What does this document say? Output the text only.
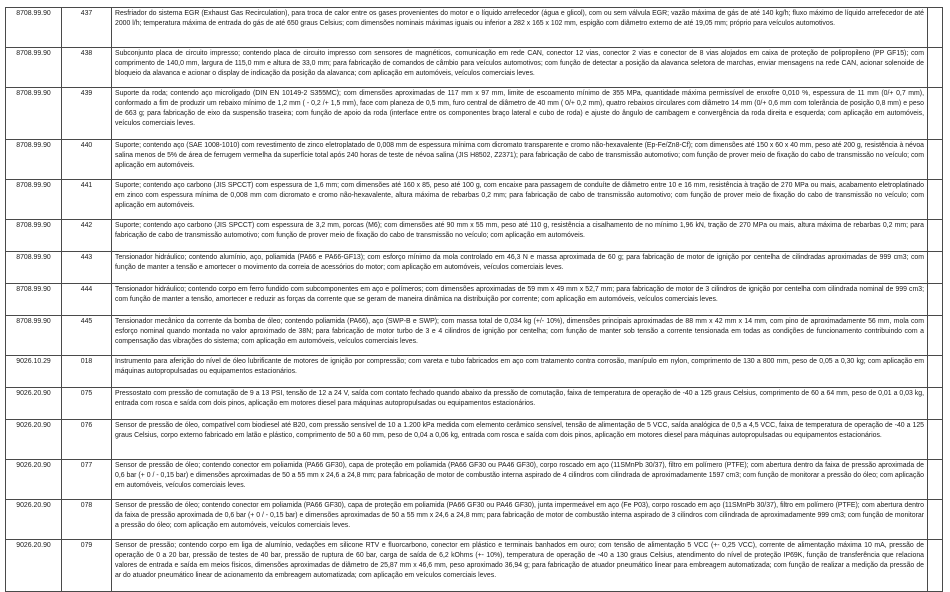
8708.99.90	437	Resfriador do sistema EGR (Exhaust Gas Recirculation), para troca de calor entre os gases provenientes do motor e o líquido arrefecedor (água e glicol), com ou sem válvula EGR; vazão máxima de gás de até 140 kg/h; fluxo máximo de líquido arrefecedor de até 2000 l/h; temperatura máxima de entrada do gás de até 650 graus Celsius; com dimensões nominais máximas iguais ou inferior a 282 x 165 x 102 mm, espigão com diâmetro externo de até 19,05 mm; próprio para veículos automotivos.	
8708.99.90	438	Subconjunto placa de circuito impresso; contendo placa de circuito impresso com sensores de magnéticos, comunicação em rede CAN, conector 12 vias, conector 2 vias e conector de 8 vias alojados em caixa de proteção de polipropileno (PP GF15); com comprimento de 140,0 mm, largura de 115,0 mm e altura de 33,0 mm; para fabricação de comandos de câmbio para veículos automotivos; com função de detectar a posição da alavanca seletora de marchas, enviar mensagens na rede CAN, acionar solenoide de bloqueio da alavanca e acionar o display de indicação da posição da alavanca; com aplicação em automóveis, veículos comerciais leves.	
8708.99.90	439	Suporte da roda; contendo aço microligado (DIN EN 10149-2 S355MC); com dimensões aproximadas de 117 mm x 97 mm, limite de escoamento mínimo de 355 MPa, quantidade máxima permissível de enxofre 0,010 %, espessura de 11 mm (0/+ 0,7 mm), conformado a fim de produzir um rebaixo mínimo de 1,2 mm ( - 0,2 /+ 1,5 mm), face com planeza de 0,5 mm, furo central de diâmetro de 40 mm ( 0/+ 0,2 mm), quatro rebaixos circulares com diâmetro 14 mm (0/+ 0,6 mm com tolerância de posição 0,8 mm) e peso de 663 g; para fabricação de eixo da suspensão traseira; com função de apoio da roda (interface entre os componentes braço lateral e cubo de roda) e ajuste do ângulo de cambagem e convergência da roda direita e esquerda; com aplicação em automóveis, veículos comerciais leves.	
8708.99.90	440	Suporte; contendo aço (SAE 1008-1010) com revestimento de zinco eletroplatado de 0,008 mm de espessura mínima com dicromato transparente e cromo não-hexavalente (Ep-Fe/Zn8-Cf); com dimensões até 150 x 60 x 40 mm, peso até 200 g, resistência à névoa salina menos de 5% de área de ferrugem vermelha da superfície total após 240 horas de teste de névoa salina (JIS H8502, Z2371); para fabricação de cabo de transmissão automotivo; com função de prover meio de fixação do cabo de transmissão no veículo; com aplicação em automóveis.	
8708.99.90	441	Suporte; contendo aço carbono (JIS SPCCT) com espessura de 1,6 mm; com dimensões até 160 x 85, peso até 100 g, com encaixe para passagem de conduíte de diâmetro entre 10 e 16 mm, resistência à tração de 270 MPa ou mais, acabamento eletroplatinado em zinco com espessura mínima de 0,008 mm com dicromato e cromo não-hexavalente, altura máxima de rebarbas 0,2 mm; para fabricação de cabo de transmissão automotivo; com função de prover meio de fixação do cabo de transmissão no veículo; com aplicação em automóveis.	
8708.99.90	442	Suporte; contendo aço carbono (JIS SPCCT) com espessura de 3,2 mm, porcas (M6); com dimensões até 90 mm x 55 mm, peso até 110 g, resistência a cisalhamento de no mínimo 1,96 kN, tração de 270 MPa ou mais, altura máxima de rebarbas 0,2 mm; para fabricação de cabo de transmissão automotivo; com função de prover meio de fixação do cabo de transmissão no veículo; com aplicação em automóveis.	
8708.99.90	443	Tensionador hidráulico; contendo alumínio, aço, poliamida (PA66 e PA66-GF13); com esforço mínimo da mola controlado em 46,3 N e massa aproximada de 60 g; para fabricação de motor de ignição por centelha de cilindradas aproximadas de 999 cm3; com função de manter a tensão e amortecer o movimento da correia de acessórios do motor; com aplicação em automóveis, veículos comerciais leves.	
8708.99.90	444	Tensionador hidráulico; contendo corpo em ferro fundido com subcomponentes em aço e polímeros; com dimensões aproximadas de 59 mm x 49 mm x 52,7 mm; para fabricação de motor de 3 cilindros de ignição por centelha com cilindrada nominal de 999 cm3; com função de manter a tensão, amortecer e reduzir as forças da corrente que se geram de maneira dinâmica na distribuição por corrente; com aplicação em automóveis, veículos comerciais leves.	
8708.99.90	445	Tensionador mecânico da corrente da bomba de óleo; contendo poliamida (PA66), aço (SWP-B e SWP); com massa total de 0,034 kg (+/- 10%), dimensões principais aproximadas de 88 mm x 42 mm x 14 mm, com pino de aproximadamente 56 mm, mola com esforço nominal quando montada no valor aproximado de 38N; para fabricação de motor turbo de 3 e 4 cilindros de ignição por centelha; com função de manter sob tensão a corrente tensionada em todas as condições de funcionamento contribuindo com a compensação das vibrações do sistema; com aplicação em automóveis, veículos comerciais leves.	
9026.10.29	018	Instrumento para aferição do nível de óleo lubrificante de motores de ignição por compressão; com vareta e tubo fabricados em aço com tratamento contra corrosão, manípulo em nylon, comprimento de 130 a 800 mm, peso de 0,05 a 0,30 kg; com aplicação em máquinas autopropulsadas ou equipamentos estacionários.	
9026.20.90	075	Pressostato com pressão de comutação de 9 a 13 PSI, tensão de 12 a 24 V, saída com contato fechado quando abaixo da pressão de comutação, faixa de temperatura de operação de -40 a 125 graus Celsius, comprimento de 60 a 64 mm, peso de 0,01 a 0,03 kg, entrada com rosca e saída com dois pinos, aplicação em motores diesel para máquinas autopropulsadas ou equipamentos estacionários.	
9026.20.90	076	Sensor de pressão de óleo, compatível com biodiesel até B20, com pressão sensível de 10 a 1.200 kPa medida com elemento cerâmico sensível, tensão de alimentação de 5 VCC, saída analógica de 0,5 a 4,5 VCC, faixa de temperatura de operação de -40 a 125 graus Celsius, corpo externo fabricado em latão e plástico, comprimento de 50 a 60 mm, peso de 0,04 a 0,06 kg, entrada com rosca e saída com dois pinos, aplicação em motores diesel para máquinas autopropulsadas ou equipamentos estacionários.	
9026.20.90	077	Sensor de pressão de óleo; contendo conector em poliamida (PA66 GF30), capa de proteção em poliamida (PA66 GF30 ou PA46 GF30), corpo roscado em aço (11SMnPb 30/37), filtro em polímero (PTFE); com abertura dentro da faixa de pressão aproximada de 0,6 bar (+ 0 / - 0,15 bar) e dimensões aproximadas de 50 a 55 mm x 24,6 a 24,8 mm; para fabricação de motor de combustão interna aspirado de 4 cilindros com cilindrada de aproximadamente 1597 cm3; com função de monitorar a pressão do óleo; com aplicação em automóveis, veículos comerciais leves.	
9026.20.90	078	Sensor de pressão de óleo; contendo conector em poliamida (PA66 GF30), capa de proteção em poliamida (PA66 GF30 ou PA46 GF30), junta impermeável em aço (Fe P03), corpo roscado em aço (11SMnPb 30/37), filtro em polímero (PTFE); com abertura dentro da faixa de pressão aproximada de 0,6 bar (+ 0 / - 0,15 bar) e dimensões aproximadas de 50 a 55 mm x 24,6 a 24,8 mm; para fabricação de motor de combustão interna aspirado de 3 cilindros com cilindrada de aproximadamente 999 cm3; com função de monitorar a pressão do óleo; com aplicação em automóveis, veículos comerciais leves.	
9026.20.90	079	Sensor de pressão; contendo corpo em liga de alumínio, vedações em silicone RTV e fluorcarbono, conector em plástico e terminais banhados em ouro; com tensão de alimentação 5 VCC (+- 0,25 VCC), corrente de alimentação máxima 10 mA, pressão de operação de 0 a 20 bar, pressão de testes de 40 bar, pressão de ruptura de 60 bar, carga de saída de 6,2 kOhms (+- 10%), temperatura de operação de -40 a 130 graus Celsius, atendimento do nível de proteção IP69K, função de transferência que relaciona valores de entrada e saída em meios físicos, dimensões aproximadas de diâmetro de 25,87 mm x 46,6 mm, peso aproximado 36,94 g; para fabricação de atuador pneumático linear para embreagem automatizada; com função de realizar a medição da pressão de ar do atuador pneumático linear de acionamento da embreagem automatizada; com aplicação em veículos comerciais leves.	
